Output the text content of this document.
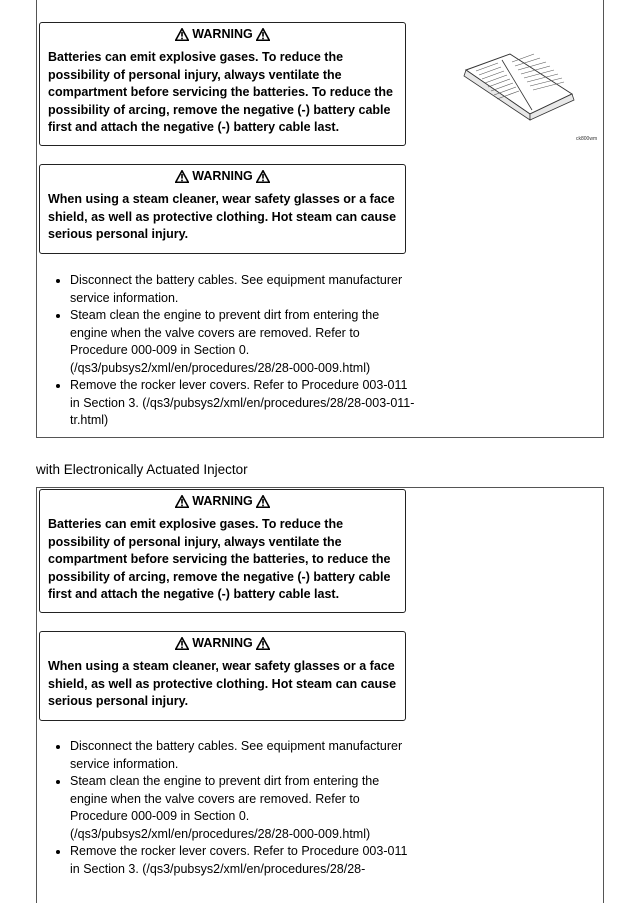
WARNING

Batteries can emit explosive gases. To reduce the possibility of personal injury, always ventilate the compartment before servicing the batteries. To reduce the possibility of arcing, remove the negative (-) battery cable first and attach the negative (-) battery cable last.

WARNING

When using a steam cleaner, wear safety glasses or a face shield, as well as protective clothing. Hot steam can cause serious personal injury.

• Disconnect the battery cables. See equipment manufacturer service information.
• Steam clean the engine to prevent dirt from entering the engine when the valve covers are removed. Refer to Procedure 000-009 in Section 0. (/qs3/pubsys2/xml/en/procedures/28/28-000-009.html)
• Remove the rocker lever covers. Refer to Procedure 003-011 in Section 3. (/qs3/pubsys2/xml/en/procedures/28/28-003-011-tr.html)
ck800wm
with Electronically Actuated Injector
WARNING

Batteries can emit explosive gases. To reduce the possibility of personal injury, always ventilate the compartment before servicing the batteries, to reduce the possibility of arcing, remove the negative (-) battery cable first and attach the negative (-) battery cable last.

WARNING

When using a steam cleaner, wear safety glasses or a face shield, as well as protective clothing. Hot steam can cause serious personal injury.

• Disconnect the battery cables. See equipment manufacturer service information.
• Steam clean the engine to prevent dirt from entering the engine when the valve covers are removed. Refer to Procedure 000-009 in Section 0. (/qs3/pubsys2/xml/en/procedures/28/28-000-009.html)
• Remove the rocker lever covers. Refer to Procedure 003-011 in Section 3. (/qs3/pubsys2/xml/en/procedures/28/28-
